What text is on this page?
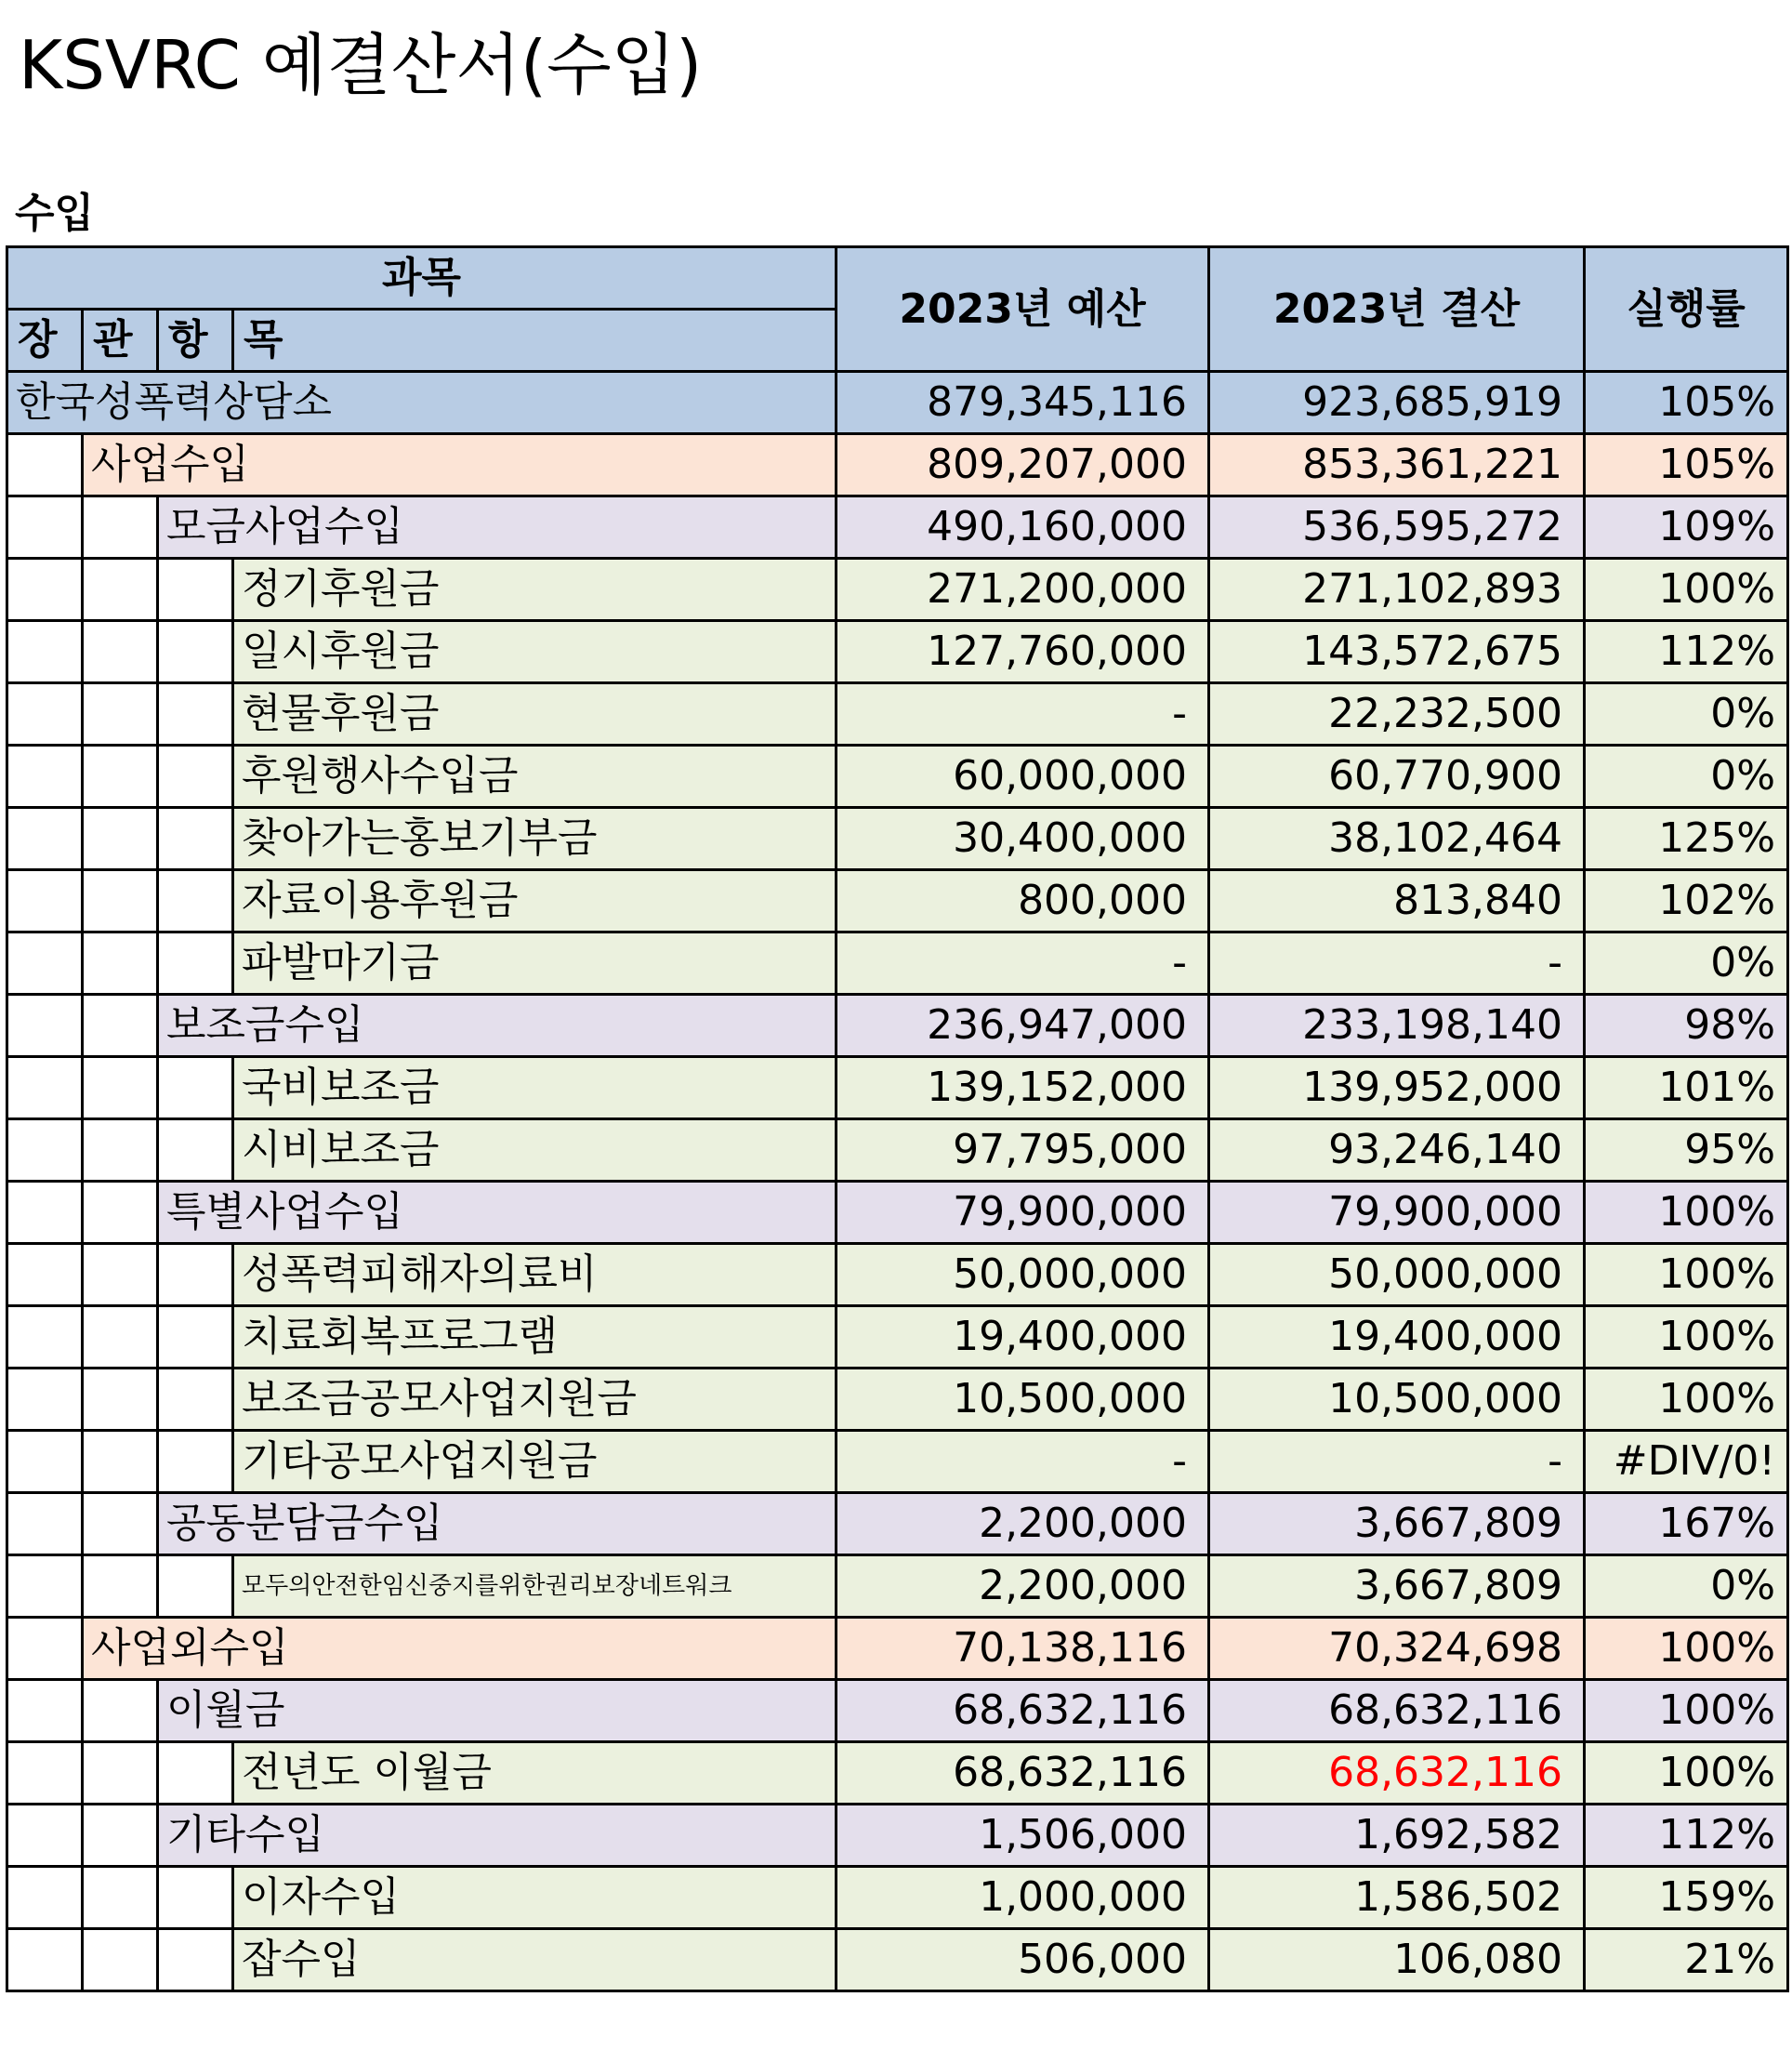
KSVRC 예결산서(수입)
수입
과목				2023년 예산	2023년 결산	실행률
장	관	항	목			
한국성폭력상담소				879,345,116	923,685,919	105%
	사업수입			809,207,000	853,361,221	105%
		모금사업수입		490,160,000	536,595,272	109%
			정기후원금	271,200,000	271,102,893	100%
			일시후원금	127,760,000	143,572,675	112%
			현물후원금	-	22,232,500	0%
			후원행사수입금	60,000,000	60,770,900	0%
			찾아가는홍보기부금	30,400,000	38,102,464	125%
			자료이용후원금	800,000	813,840	102%
			파발마기금	-	-	0%
		보조금수입		236,947,000	233,198,140	98%
			국비보조금	139,152,000	139,952,000	101%
			시비보조금	97,795,000	93,246,140	95%
		특별사업수입		79,900,000	79,900,000	100%
			성폭력피해자의료비	50,000,000	50,000,000	100%
			치료회복프로그램	19,400,000	19,400,000	100%
			보조금공모사업지원금	10,500,000	10,500,000	100%
			기타공모사업지원금	-	-	#DIV/0!
		공동분담금수입		2,200,000	3,667,809	167%
			모두의안전한임신중지를위한권리보장네트워크	2,200,000	3,667,809	0%
	사업외수입			70,138,116	70,324,698	100%
		이월금		68,632,116	68,632,116	100%
			전년도 이월금	68,632,116	68,632,116	100%
		기타수입		1,506,000	1,692,582	112%
			이자수입	1,000,000	1,586,502	159%
			잡수입	506,000	106,080	21%
